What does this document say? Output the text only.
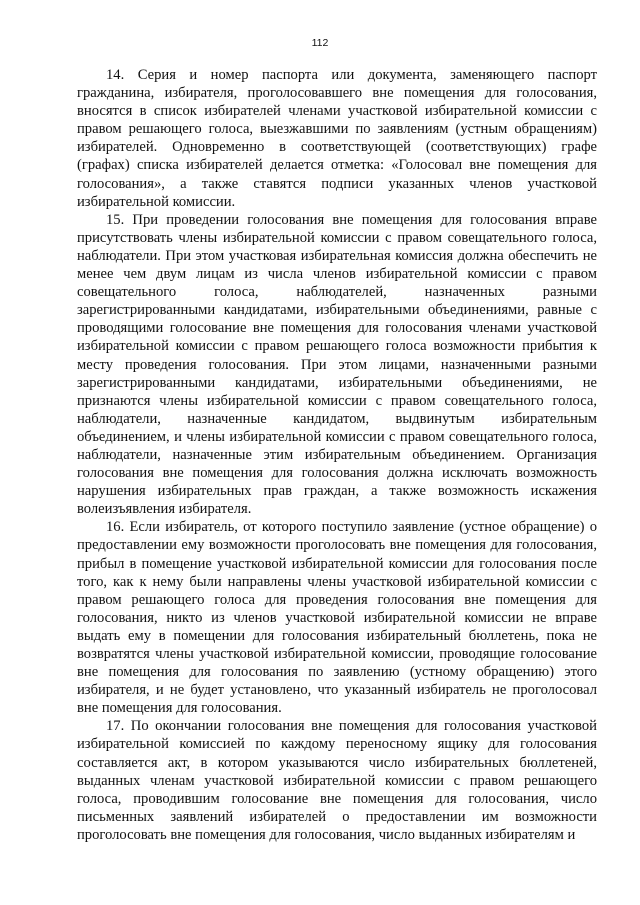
112

14. Серия и номер паспорта или документа, заменяющего паспорт гражданина, избирателя, проголосовавшего вне помещения для голосования, вносятся в список избирателей членами участковой избирательной комиссии с правом решающего голоса, выезжавшими по заявлениям (устным обращениям) избирателей. Одновременно в соответствующей (соответствующих) графе (графах) списка избирателей делается отметка: «Голосовал вне помещения для голосования», а также ставятся подписи указанных членов участковой избирательной комиссии.

15. При проведении голосования вне помещения для голосования вправе присутствовать члены избирательной комиссии с правом совещательного голоса, наблюдатели. При этом участковая избирательная комиссия должна обеспечить не менее чем двум лицам из числа членов избирательной комиссии с правом совещательного голоса, наблюдателей, назначенных разными зарегистрированными кандидатами, избирательными объединениями, равные с проводящими голосование вне помещения для голосования членами участковой избирательной комиссии с правом решающего голоса возможности прибытия к месту проведения голосования. При этом лицами, назначенными разными зарегистрированными кандидатами, избирательными объединениями, не признаются члены избирательной комиссии с правом совещательного голоса, наблюдатели, назначенные кандидатом, выдвинутым избирательным объединением, и члены избирательной комиссии с правом совещательного голоса, наблюдатели, назначенные этим избирательным объединением. Организация голосования вне помещения для голосования должна исключать возможность нарушения избирательных прав граждан, а также возможность искажения волеизъявления избирателя.

16. Если избиратель, от которого поступило заявление (устное обращение) о предоставлении ему возможности проголосовать вне помещения для голосования, прибыл в помещение участковой избирательной комиссии для голосования после того, как к нему были направлены члены участковой избирательной комиссии с правом решающего голоса для проведения голосования вне помещения для голосования, никто из членов участковой избирательной комиссии не вправе выдать ему в помещении для голосования избирательный бюллетень, пока не возвратятся члены участковой избирательной комиссии, проводящие голосование вне помещения для голосования по заявлению (устному обращению) этого избирателя, и не будет установлено, что указанный избиратель не проголосовал вне помещения для голосования.

17. По окончании голосования вне помещения для голосования участковой избирательной комиссией по каждому переносному ящику для голосования составляется акт, в котором указываются число избирательных бюллетеней, выданных членам участковой избирательной комиссии с правом решающего голоса, проводившим голосование вне помещения для голосования, число письменных заявлений избирателей о предоставлении им возможности проголосовать вне помещения для голосования, число выданных избирателям и
